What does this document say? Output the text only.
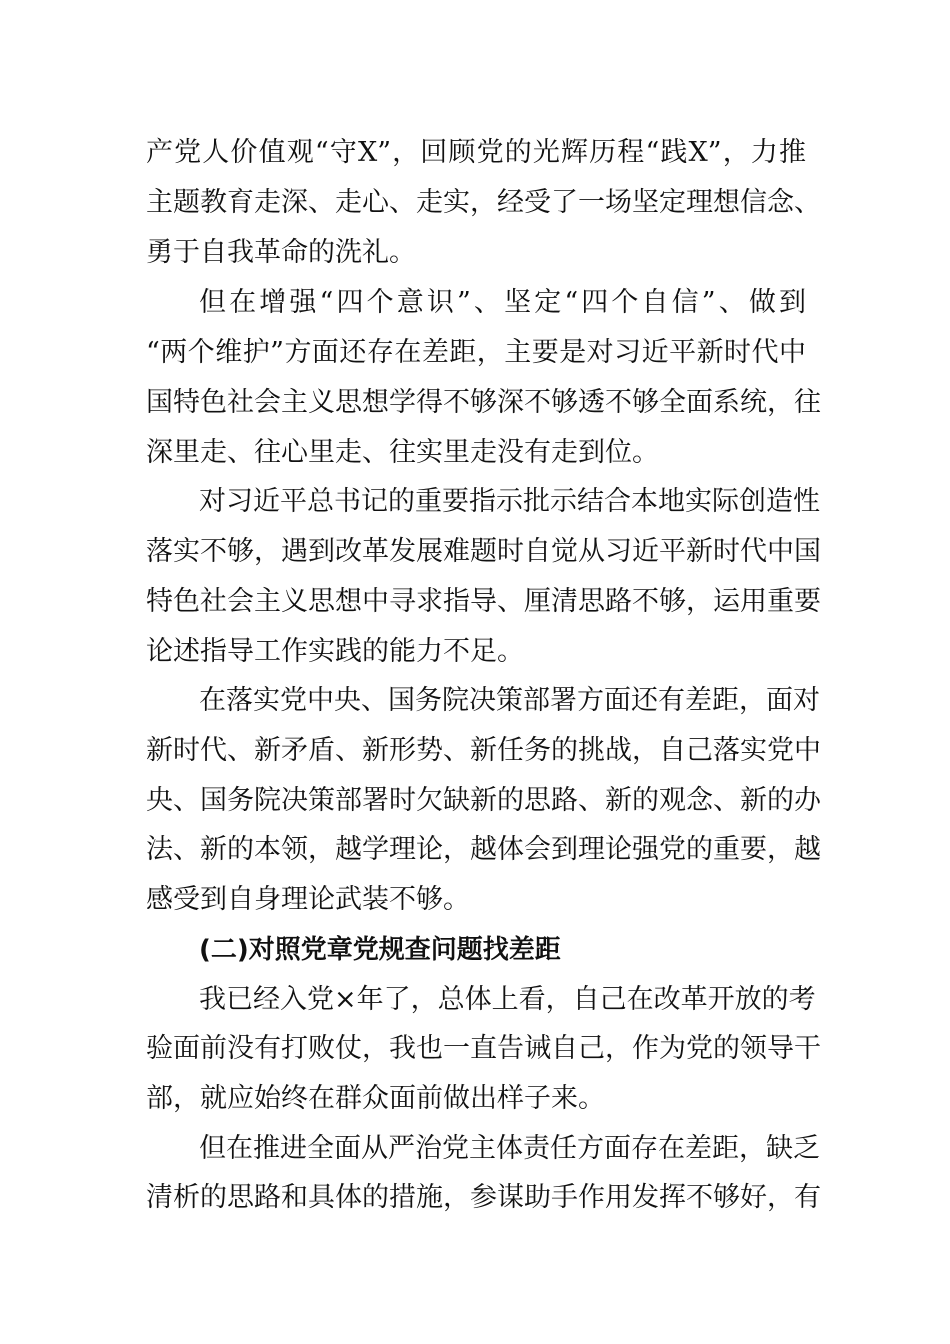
产党人价值观“守X”，回顾党的光辉历程“践X”，力推
主题教育走深、走心、走实，经受了一场坚定理想信念、
勇于自我革命的洗礼。
但在增强“四个意识”、坚定“四个自信”、做到
“两个维护”方面还存在差距，主要是对习近平新时代中
国特色社会主义思想学得不够深不够透不够全面系统，往
深里走、往心里走、往实里走没有走到位。
对习近平总书记的重要指示批示结合本地实际创造性
落实不够，遇到改革发展难题时自觉从习近平新时代中国
特色社会主义思想中寻求指导、厘清思路不够，运用重要
论述指导工作实践的能力不足。
在落实党中央、国务院决策部署方面还有差距，面对
新时代、新矛盾、新形势、新任务的挑战，自己落实党中
央、国务院决策部署时欠缺新的思路、新的观念、新的办
法、新的本领，越学理论，越体会到理论强党的重要，越
感受到自身理论武装不够。
(二)对照党章党规查问题找差距
我已经入党×年了，总体上看，自己在改革开放的考
验面前没有打败仗，我也一直告诫自己，作为党的领导干
部，就应始终在群众面前做出样子来。
但在推进全面从严治党主体责任方面存在差距，缺乏
清析的思路和具体的措施，参谋助手作用发挥不够好，有
